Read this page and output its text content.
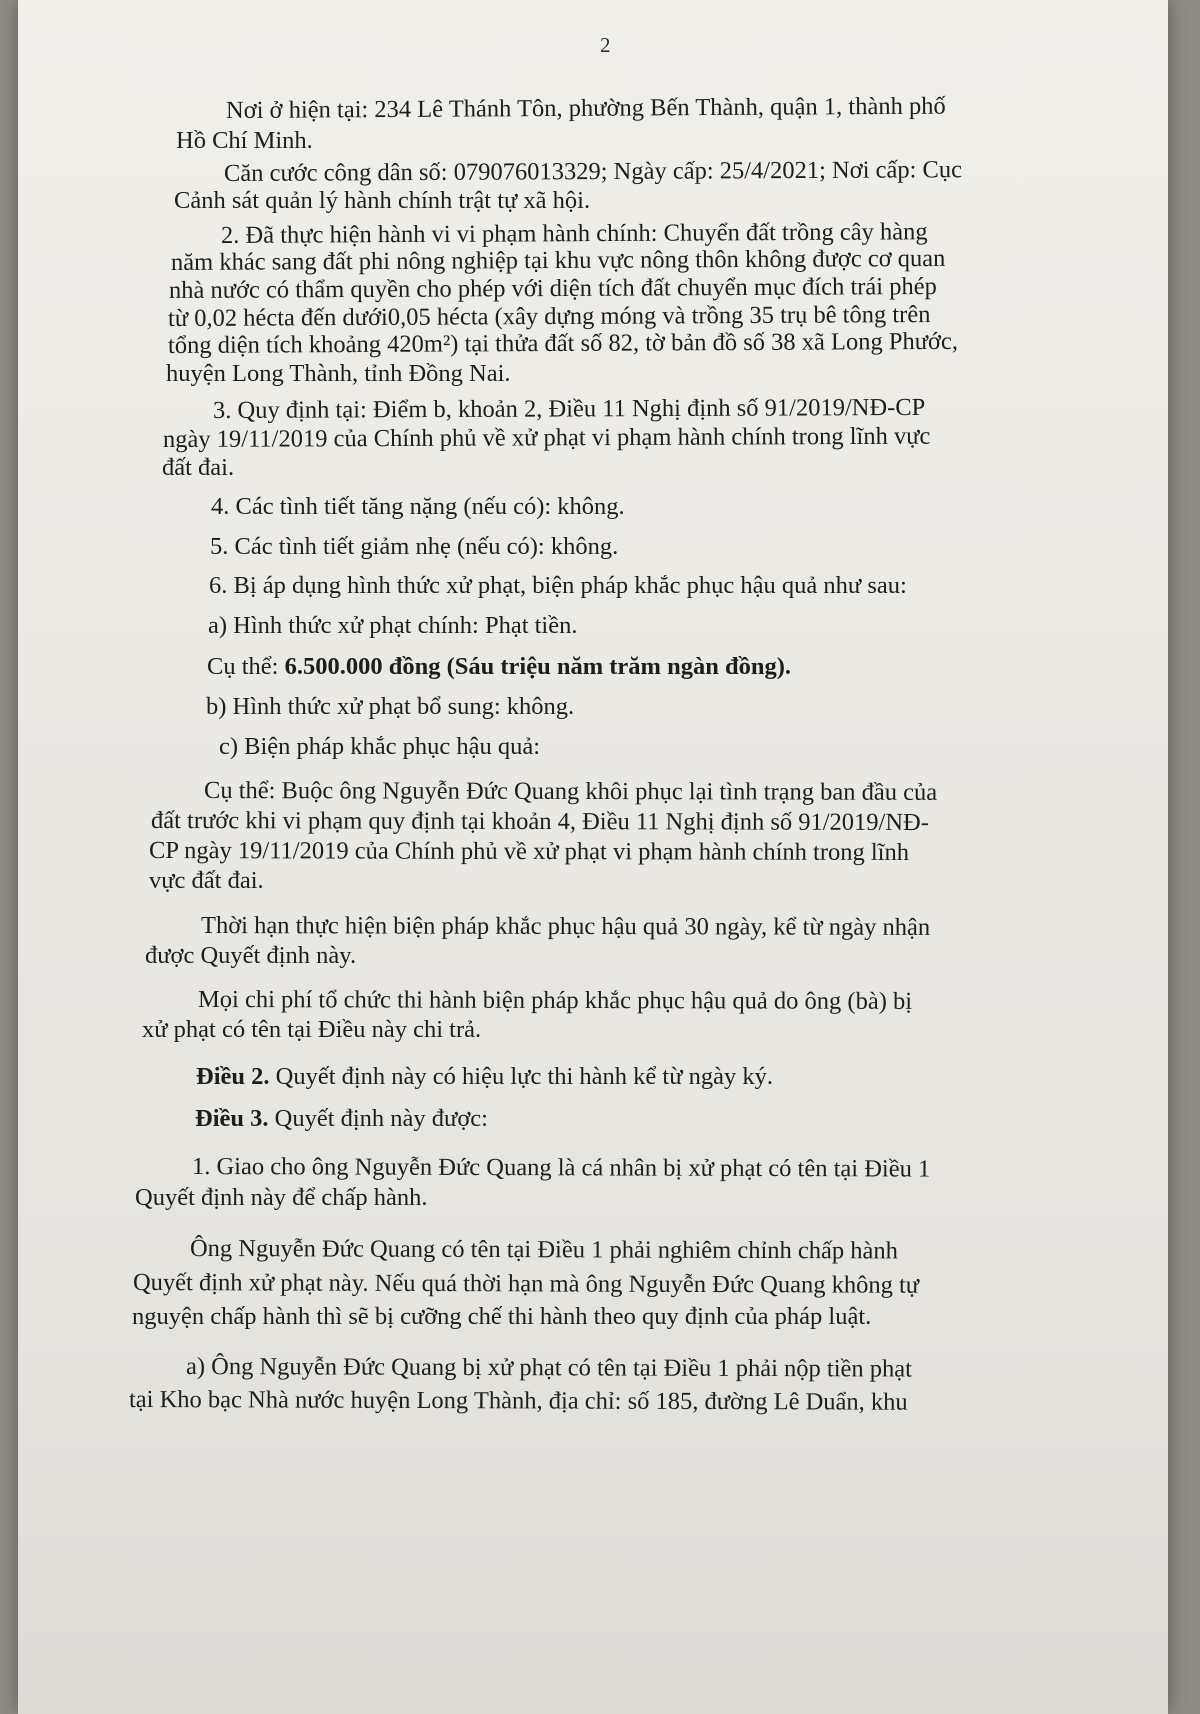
2
Nơi ở hiện tại: 234 Lê Thánh Tôn, phường Bến Thành, quận 1, thành phố
Hồ Chí Minh.
Căn cước công dân số: 079076013329; Ngày cấp: 25/4/2021; Nơi cấp: Cục
Cảnh sát quản lý hành chính trật tự xã hội.
2. Đã thực hiện hành vi vi phạm hành chính: Chuyển đất trồng cây hàng
năm khác sang đất phi nông nghiệp tại khu vực nông thôn không được cơ quan
nhà nước có thẩm quyền cho phép với diện tích đất chuyển mục đích trái phép
từ 0,02 hécta đến dưới0,05 hécta (xây dựng móng và trồng 35 trụ bê tông trên
tổng diện tích khoảng 420m²) tại thửa đất số 82, tờ bản đồ số 38 xã Long Phước,
huyện Long Thành, tỉnh Đồng Nai.
3. Quy định tại: Điểm b, khoản 2, Điều 11 Nghị định số 91/2019/NĐ-CP
ngày 19/11/2019 của Chính phủ về xử phạt vi phạm hành chính trong lĩnh vực
đất đai.
4. Các tình tiết tăng nặng (nếu có): không.
5. Các tình tiết giảm nhẹ (nếu có): không.
6. Bị áp dụng hình thức xử phạt, biện pháp khắc phục hậu quả như sau:
a) Hình thức xử phạt chính: Phạt tiền.
Cụ thể: 6.500.000 đồng (Sáu triệu năm trăm ngàn đồng).
b) Hình thức xử phạt bổ sung: không.
c) Biện pháp khắc phục hậu quả:
Cụ thể: Buộc ông Nguyễn Đức Quang khôi phục lại tình trạng ban đầu của
đất trước khi vi phạm quy định tại khoản 4, Điều 11 Nghị định số 91/2019/NĐ-
CP ngày 19/11/2019 của Chính phủ về xử phạt vi phạm hành chính trong lĩnh
vực đất đai.
Thời hạn thực hiện biện pháp khắc phục hậu quả 30 ngày, kể từ ngày nhận
được Quyết định này.
Mọi chi phí tổ chức thi hành biện pháp khắc phục hậu quả do ông (bà) bị
xử phạt có tên tại Điều này chi trả.
Điều 2. Quyết định này có hiệu lực thi hành kể từ ngày ký.
Điều 3. Quyết định này được:
1. Giao cho ông Nguyễn Đức Quang là cá nhân bị xử phạt có tên tại Điều 1
Quyết định này để chấp hành.
Ông Nguyễn Đức Quang có tên tại Điều 1 phải nghiêm chỉnh chấp hành
Quyết định xử phạt này. Nếu quá thời hạn mà ông Nguyễn Đức Quang không tự
nguyện chấp hành thì sẽ bị cưỡng chế thi hành theo quy định của pháp luật.
a) Ông Nguyễn Đức Quang bị xử phạt có tên tại Điều 1 phải nộp tiền phạt
tại Kho bạc Nhà nước huyện Long Thành, địa chỉ: số 185, đường Lê Duẩn, khu
